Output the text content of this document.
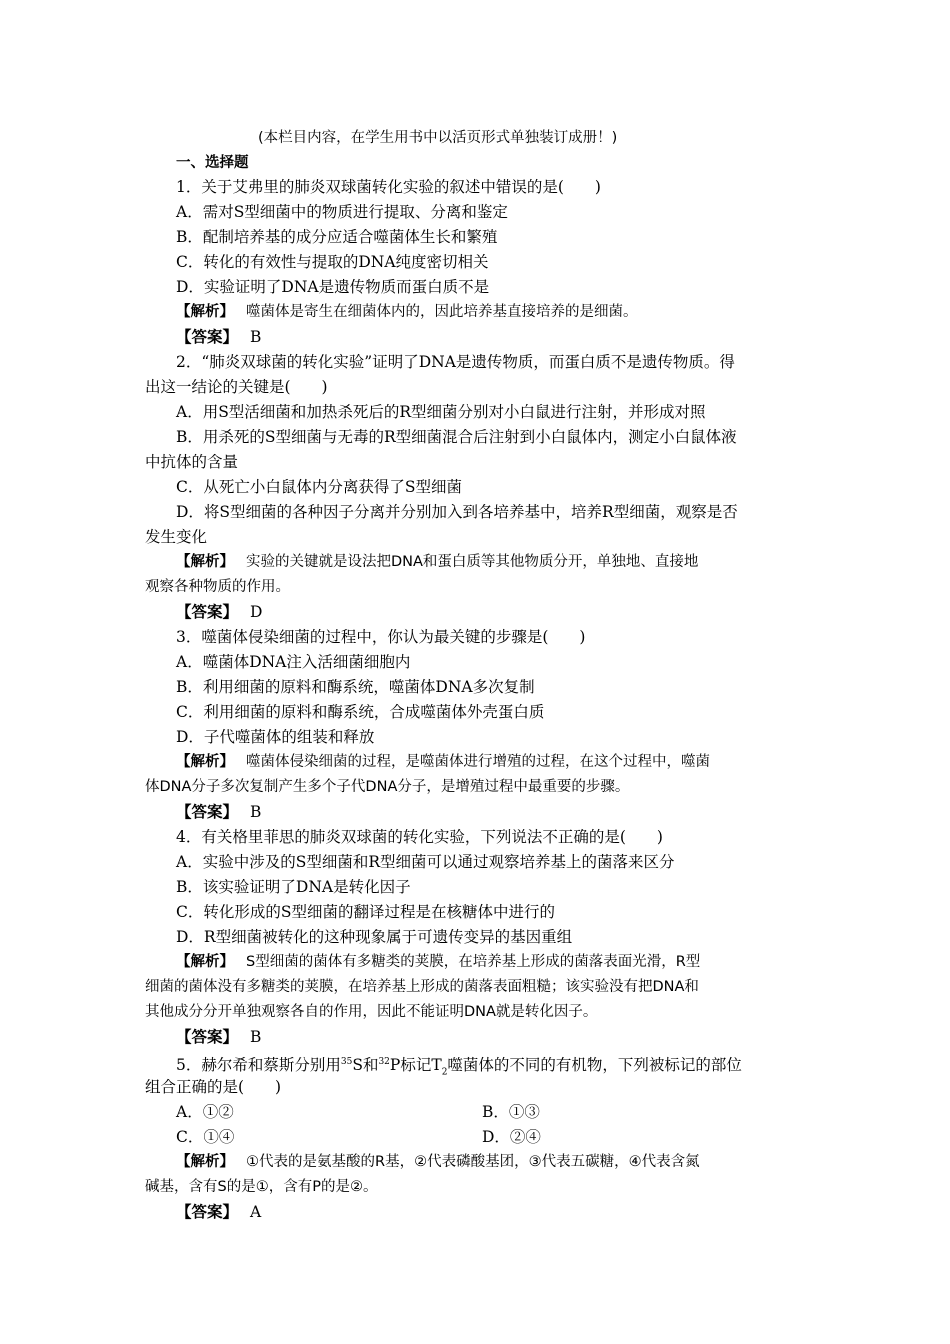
(本栏目内容，在学生用书中以活页形式单独装订成册！)
一、选择题
1．关于艾弗里的肺炎双球菌转化实验的叙述中错误的是(　　)
A．需对S型细菌中的物质进行提取、分离和鉴定
B．配制培养基的成分应适合噬菌体生长和繁殖
C．转化的有效性与提取的DNA纯度密切相关
D．实验证明了DNA是遗传物质而蛋白质不是
【解析】 噬菌体是寄生在细菌体内的，因此培养基直接培养的是细菌。
【答案】 B
2．“肺炎双球菌的转化实验”证明了DNA是遗传物质，而蛋白质不是遗传物质。得
出这一结论的关键是(　　)
A．用S型活细菌和加热杀死后的R型细菌分别对小白鼠进行注射，并形成对照
B．用杀死的S型细菌与无毒的R型细菌混合后注射到小白鼠体内，测定小白鼠体液
中抗体的含量
C．从死亡小白鼠体内分离获得了S型细菌
D．将S型细菌的各种因子分离并分别加入到各培养基中，培养R型细菌，观察是否
发生变化
【解析】 实验的关键就是设法把DNA和蛋白质等其他物质分开，单独地、直接地
观察各种物质的作用。
【答案】 D
3．噬菌体侵染细菌的过程中，你认为最关键的步骤是(　　)
A．噬菌体DNA注入活细菌细胞内
B．利用细菌的原料和酶系统，噬菌体DNA多次复制
C．利用细菌的原料和酶系统，合成噬菌体外壳蛋白质
D．子代噬菌体的组装和释放
【解析】 噬菌体侵染细菌的过程，是噬菌体进行增殖的过程，在这个过程中，噬菌
体DNA分子多次复制产生多个子代DNA分子，是增殖过程中最重要的步骤。
【答案】 B
4．有关格里菲思的肺炎双球菌的转化实验，下列说法不正确的是(　　)
A．实验中涉及的S型细菌和R型细菌可以通过观察培养基上的菌落来区分
B．该实验证明了DNA是转化因子
C．转化形成的S型细菌的翻译过程是在核糖体中进行的
D．R型细菌被转化的这种现象属于可遗传变异的基因重组
【解析】 S型细菌的菌体有多糖类的荚膜，在培养基上形成的菌落表面光滑，R型
细菌的菌体没有多糖类的荚膜，在培养基上形成的菌落表面粗糙；该实验没有把DNA和
其他成分分开单独观察各自的作用，因此不能证明DNA就是转化因子。
【答案】 B
5．赫尔希和蔡斯分别用$^{35}$S和$^{32}$P标记$T_2$噬菌体的不同的有机物，下列被标记的部位
组合正确的是(　　)
A．①②	B．①③
C．①④	D．②④
【解析】 ①代表的是氨基酸的R基，②代表磷酸基团，③代表五碳糖，④代表含氮
碱基，含有S的是①，含有P的是②。
【答案】 A
